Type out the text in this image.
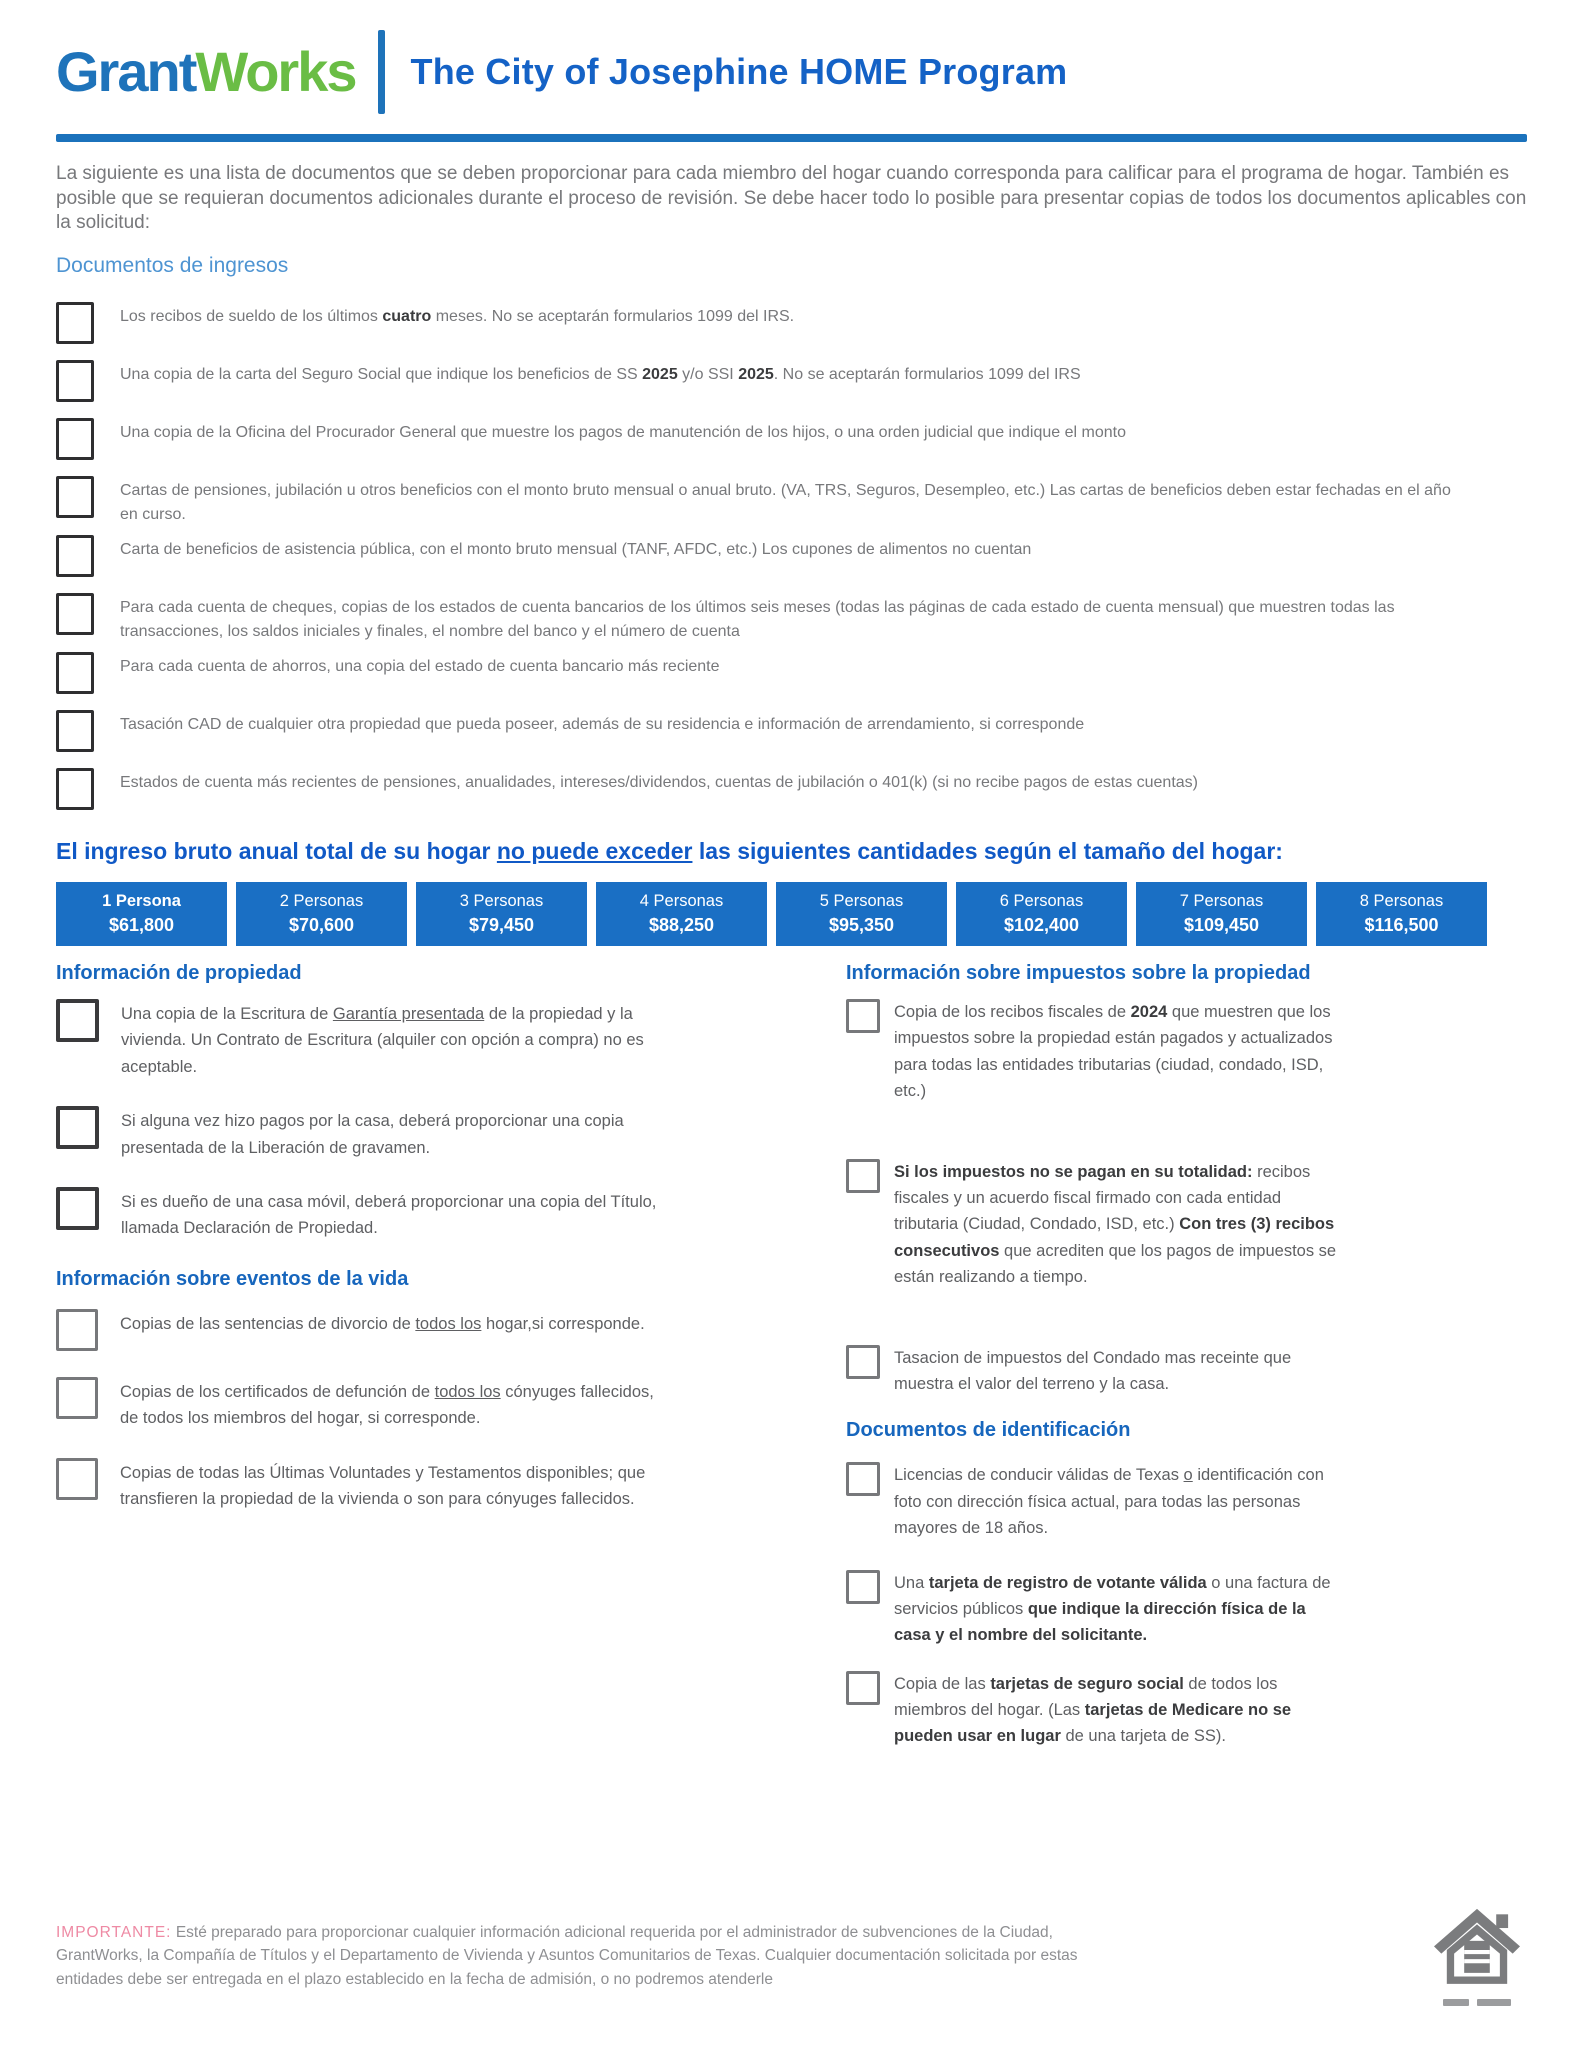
GrantWorks The City of Josephine HOME Program

La siguiente es una lista de documentos que se deben proporcionar para cada miembro del hogar cuando corresponda para calificar para el programa de hogar. También es posible que se requieran documentos adicionales durante el proceso de revisión. Se debe hacer todo lo posible para presentar copias de todos los documentos aplicables con la solicitud:

Documentos de ingresos

Los recibos de sueldo de los últimos cuatro meses. No se aceptarán formularios 1099 del IRS.

Una copia de la carta del Seguro Social que indique los beneficios de SS 2025 y/o SSI 2025. No se aceptarán formularios 1099 del IRS

Una copia de la Oficina del Procurador General que muestre los pagos de manutención de los hijos, o una orden judicial que indique el monto

Cartas de pensiones, jubilación u otros beneficios con el monto bruto mensual o anual bruto. (VA, TRS, Seguros, Desempleo, etc.) Las cartas de beneficios deben estar fechadas en el año en curso.

Carta de beneficios de asistencia pública, con el monto bruto mensual (TANF, AFDC, etc.) Los cupones de alimentos no cuentan

Para cada cuenta de cheques, copias de los estados de cuenta bancarios de los últimos seis meses (todas las páginas de cada estado de cuenta mensual) que muestren todas las transacciones, los saldos iniciales y finales, el nombre del banco y el número de cuenta

Para cada cuenta de ahorros, una copia del estado de cuenta bancario más reciente

Tasación CAD de cualquier otra propiedad que pueda poseer, además de su residencia e información de arrendamiento, si corresponde

Estados de cuenta más recientes de pensiones, anualidades, intereses/dividendos, cuentas de jubilación o 401(k) (si no recibe pagos de estas cuentas)

El ingreso bruto anual total de su hogar no puede exceder las siguientes cantidades según el tamaño del hogar:
1 Persona
$61,800
2 Personas
$70,600
3 Personas
$79,450
4 Personas
$88,250
5 Personas
$95,350
6 Personas
$102,400
7 Personas
$109,450
8 Personas
$116,500
Información de propiedad

Una copia de la Escritura de Garantía presentada de la propiedad y la vivienda. Un Contrato de Escritura (alquiler con opción a compra) no es aceptable.

Si alguna vez hizo pagos por la casa, deberá proporcionar una copia presentada de la Liberación de gravamen.

Si es dueño de una casa móvil, deberá proporcionar una copia del Título, llamada Declaración de Propiedad.

Información sobre eventos de la vida

Copias de las sentencias de divorcio de todos los hogar,si corresponde.

Copias de los certificados de defunción de todos los cónyuges fallecidos, de todos los miembros del hogar, si corresponde.

Copias de todas las Últimas Voluntades y Testamentos disponibles; que transfieren la propiedad de la vivienda o son para cónyuges fallecidos.

Información sobre impuestos sobre la propiedad

Copia de los recibos fiscales de 2024 que muestren que los impuestos sobre la propiedad están pagados y actualizados para todas las entidades tributarias (ciudad, condado, ISD, etc.)

Si los impuestos no se pagan en su totalidad: recibos fiscales y un acuerdo fiscal firmado con cada entidad tributaria (Ciudad, Condado, ISD, etc.) Con tres (3) recibos consecutivos que acrediten que los pagos de impuestos se están realizando a tiempo.

Tasacion de impuestos del Condado mas receinte que muestra el valor del terreno y la casa.

Documentos de identificación

Licencias de conducir válidas de Texas o identificación con foto con dirección física actual, para todas las personas mayores de 18 años.

Una tarjeta de registro de votante válida o una factura de servicios públicos que indique la dirección física de la casa y el nombre del solicitante.

Copia de las tarjetas de seguro social de todos los miembros del hogar. (Las tarjetas de Medicare no se pueden usar en lugar de una tarjeta de SS).

IMPORTANTE: Esté preparado para proporcionar cualquier información adicional requerida por el administrador de subvenciones de la Ciudad, GrantWorks, la Compañía de Títulos y el Departamento de Vivienda y Asuntos Comunitarios de Texas. Cualquier documentación solicitada por estas entidades debe ser entregada en el plazo establecido en la fecha de admisión, o no podremos atenderle
